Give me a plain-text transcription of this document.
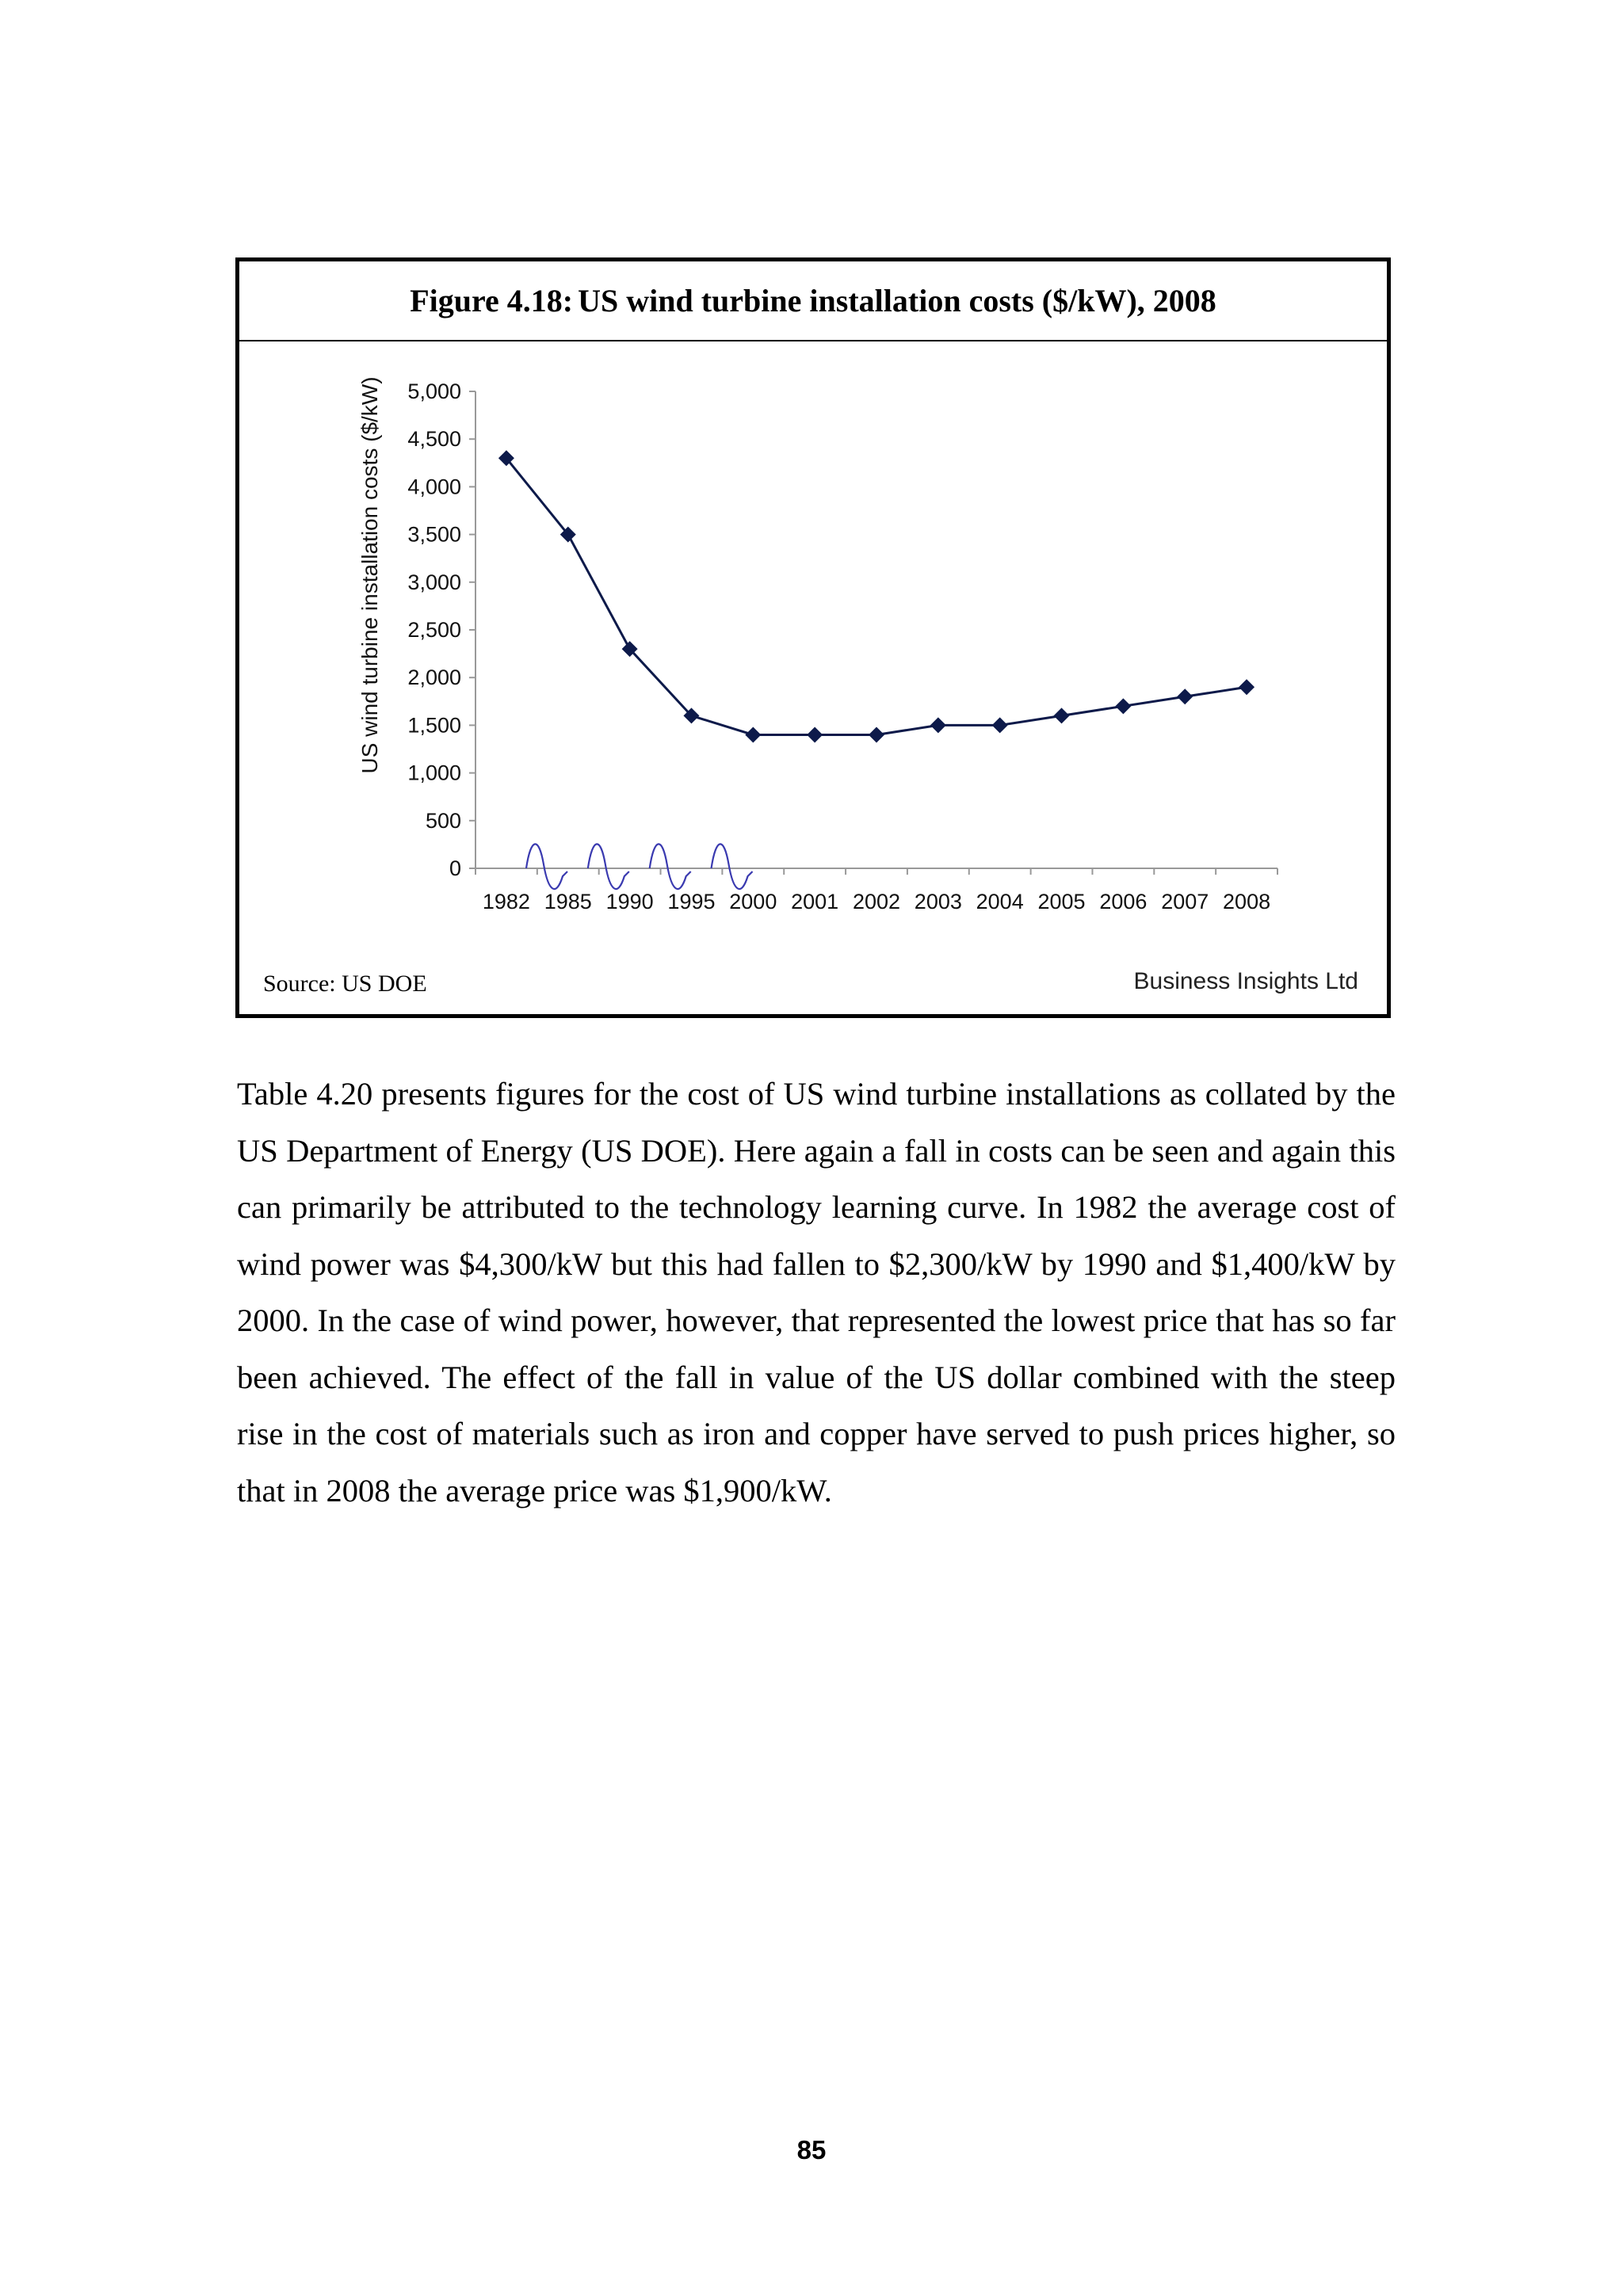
Figure 4.18: US wind turbine installation costs ($/kW), 2008
US wind turbine installation costs ($/kW)
0
500
1,000
1,500
2,000
2,500
3,000
3,500
4,000
4,500
5,000
1982 1985 1990 1995 2000 2001 2002 2003 2004 2005 2006 2007 2008
Source: US DOE	Business Insights Ltd
Table 4.20 presents figures for the cost of US wind turbine installations as collated by the US Department of Energy (US DOE). Here again a fall in costs can be seen and again this can primarily be attributed to the technology learning curve. In 1982 the average cost of wind power was $4,300/kW but this had fallen to $2,300/kW by 1990 and $1,400/kW by 2000. In the case of wind power, however, that represented the lowest price that has so far been achieved. The effect of the fall in value of the US dollar combined with the steep rise in the cost of materials such as iron and copper have served to push prices higher, so that in 2008 the average price was $1,900/kW.
85
